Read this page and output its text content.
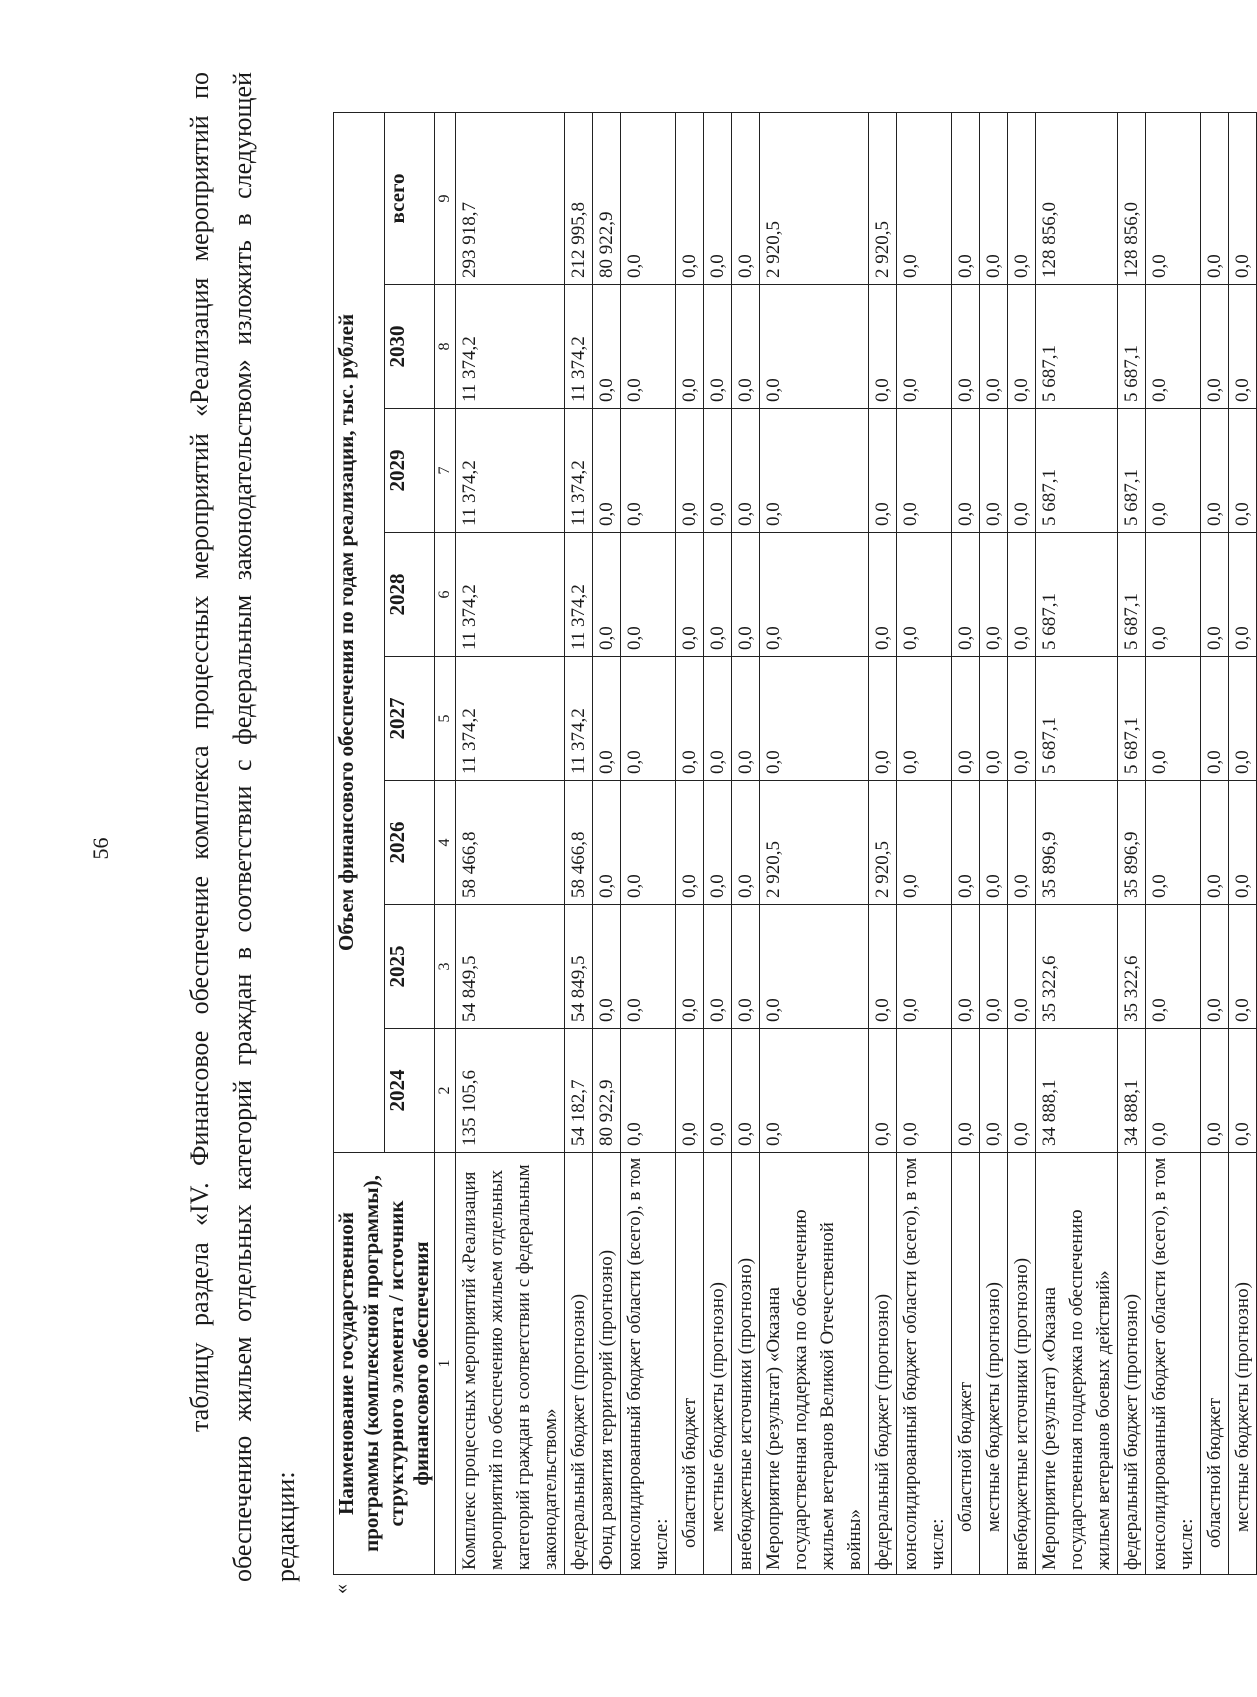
56	таблицу раздела «IV. Финансовое обеспечение комплекса процессных мероприятий «Реализация мероприятий по обеспечению жильем отдельных категорий граждан в соответствии с федеральным законодательством» изложить в следующей редакции:

«
Наименование государственной программы (комплексной программы), структурного элемента / источник финансового обеспечения	Объем финансового обеспечения по годам реализации, тыс. рублей							
	2024	2025	2026	2027	2028	2029	2030	всего
1	2	3	4	5	6	7	8	9
Комплекс процессных мероприятий «Реализация мероприятий по обеспечению жильем отдельных категорий граждан в соответствии с федеральным законодательством»	135 105,6	54 849,5	58 466,8	11 374,2	11 374,2	11 374,2	11 374,2	293 918,7
федеральный бюджет (прогнозно)	54 182,7	54 849,5	58 466,8	11 374,2	11 374,2	11 374,2	11 374,2	212 995,8
Фонд развития территорий (прогнозно)	80 922,9	0,0	0,0	0,0	0,0	0,0	0,0	80 922,9
консолидированный бюджет области (всего), в том числе:	0,0	0,0	0,0	0,0	0,0	0,0	0,0	0,0
областной бюджет	0,0	0,0	0,0	0,0	0,0	0,0	0,0	0,0
местные бюджеты (прогнозно)	0,0	0,0	0,0	0,0	0,0	0,0	0,0	0,0
внебюджетные источники (прогнозно)	0,0	0,0	0,0	0,0	0,0	0,0	0,0	0,0
Мероприятие (результат) «Оказана государственная поддержка по обеспечению жильем ветеранов Великой Отечественной войны»	0,0	0,0	2 920,5	0,0	0,0	0,0	0,0	2 920,5
федеральный бюджет (прогнозно)	0,0	0,0	2 920,5	0,0	0,0	0,0	0,0	2 920,5
консолидированный бюджет области (всего), в том числе:	0,0	0,0	0,0	0,0	0,0	0,0	0,0	0,0
областной бюджет	0,0	0,0	0,0	0,0	0,0	0,0	0,0	0,0
местные бюджеты (прогнозно)	0,0	0,0	0,0	0,0	0,0	0,0	0,0	0,0
внебюджетные источники (прогнозно)	0,0	0,0	0,0	0,0	0,0	0,0	0,0	0,0
Мероприятие (результат) «Оказана государственная поддержка по обеспечению жильем ветеранов боевых действий»	34 888,1	35 322,6	35 896,9	5 687,1	5 687,1	5 687,1	5 687,1	128 856,0
федеральный бюджет (прогнозно)	34 888,1	35 322,6	35 896,9	5 687,1	5 687,1	5 687,1	5 687,1	128 856,0
консолидированный бюджет области (всего), в том числе:	0,0	0,0	0,0	0,0	0,0	0,0	0,0	0,0
областной бюджет	0,0	0,0	0,0	0,0	0,0	0,0	0,0	0,0
местные бюджеты (прогнозно)	0,0	0,0	0,0	0,0	0,0	0,0	0,0	0,0
